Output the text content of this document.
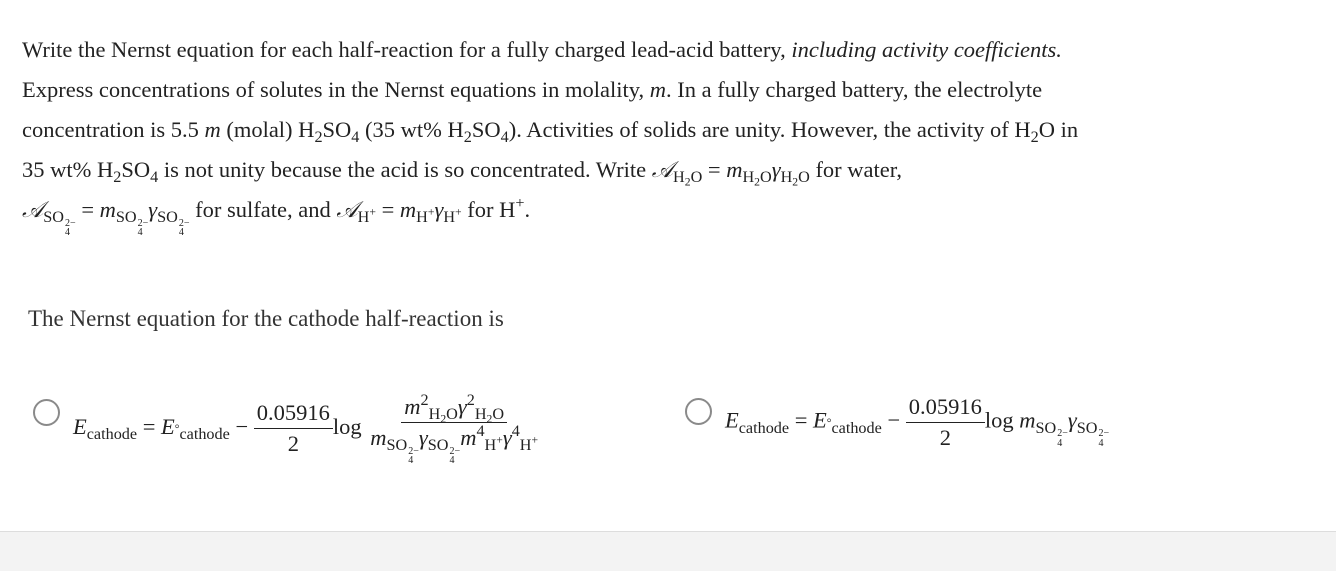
Write the Nernst equation for each half-reaction for a fully charged lead-acid battery, including activity coefficients.
Express concentrations of solutes in the Nernst equations in molality, m. In a fully charged battery, the electrolyte
concentration is 5.5 m (molal) $H_2SO_4$ (35 wt% $H_2SO_4$). Activities of solids are unity. However, the activity of $H_2O$ in
35 wt% $H_2SO_4$ is not unity because the acid is so concentrated. Write 𝒜$_{H_2O}$ = $m_{H_2O}\gamma_{H_2O}$ for water,
𝒜$_{SO 2- 4}$
= $m_{SO 2- 4}$
$\gamma_{SO 2- 4}$
for sulfate, and 𝒜$_{H^+}$ = $m_{H^+}\gamma_{H^+}$ for H+.
The Nernst equation for the cathode half-reaction is
$E_{cathode} = E_{^\circ cathode} - \frac{0.05916}{2}$ $\log m^2_{H_2O}\gamma^2_{H_2O}$
$m_{SO 2- 4}$
$\gamma_{SO 2- 4}$
$m^4_{H^+}\gamma^4_{H^+}$	$E_{cathode} = E_{^\circ cathode} - \frac{0.05916}{2}$ $\log m_{SO 2- 4}$
$\gamma_{SO 2- 4}$
